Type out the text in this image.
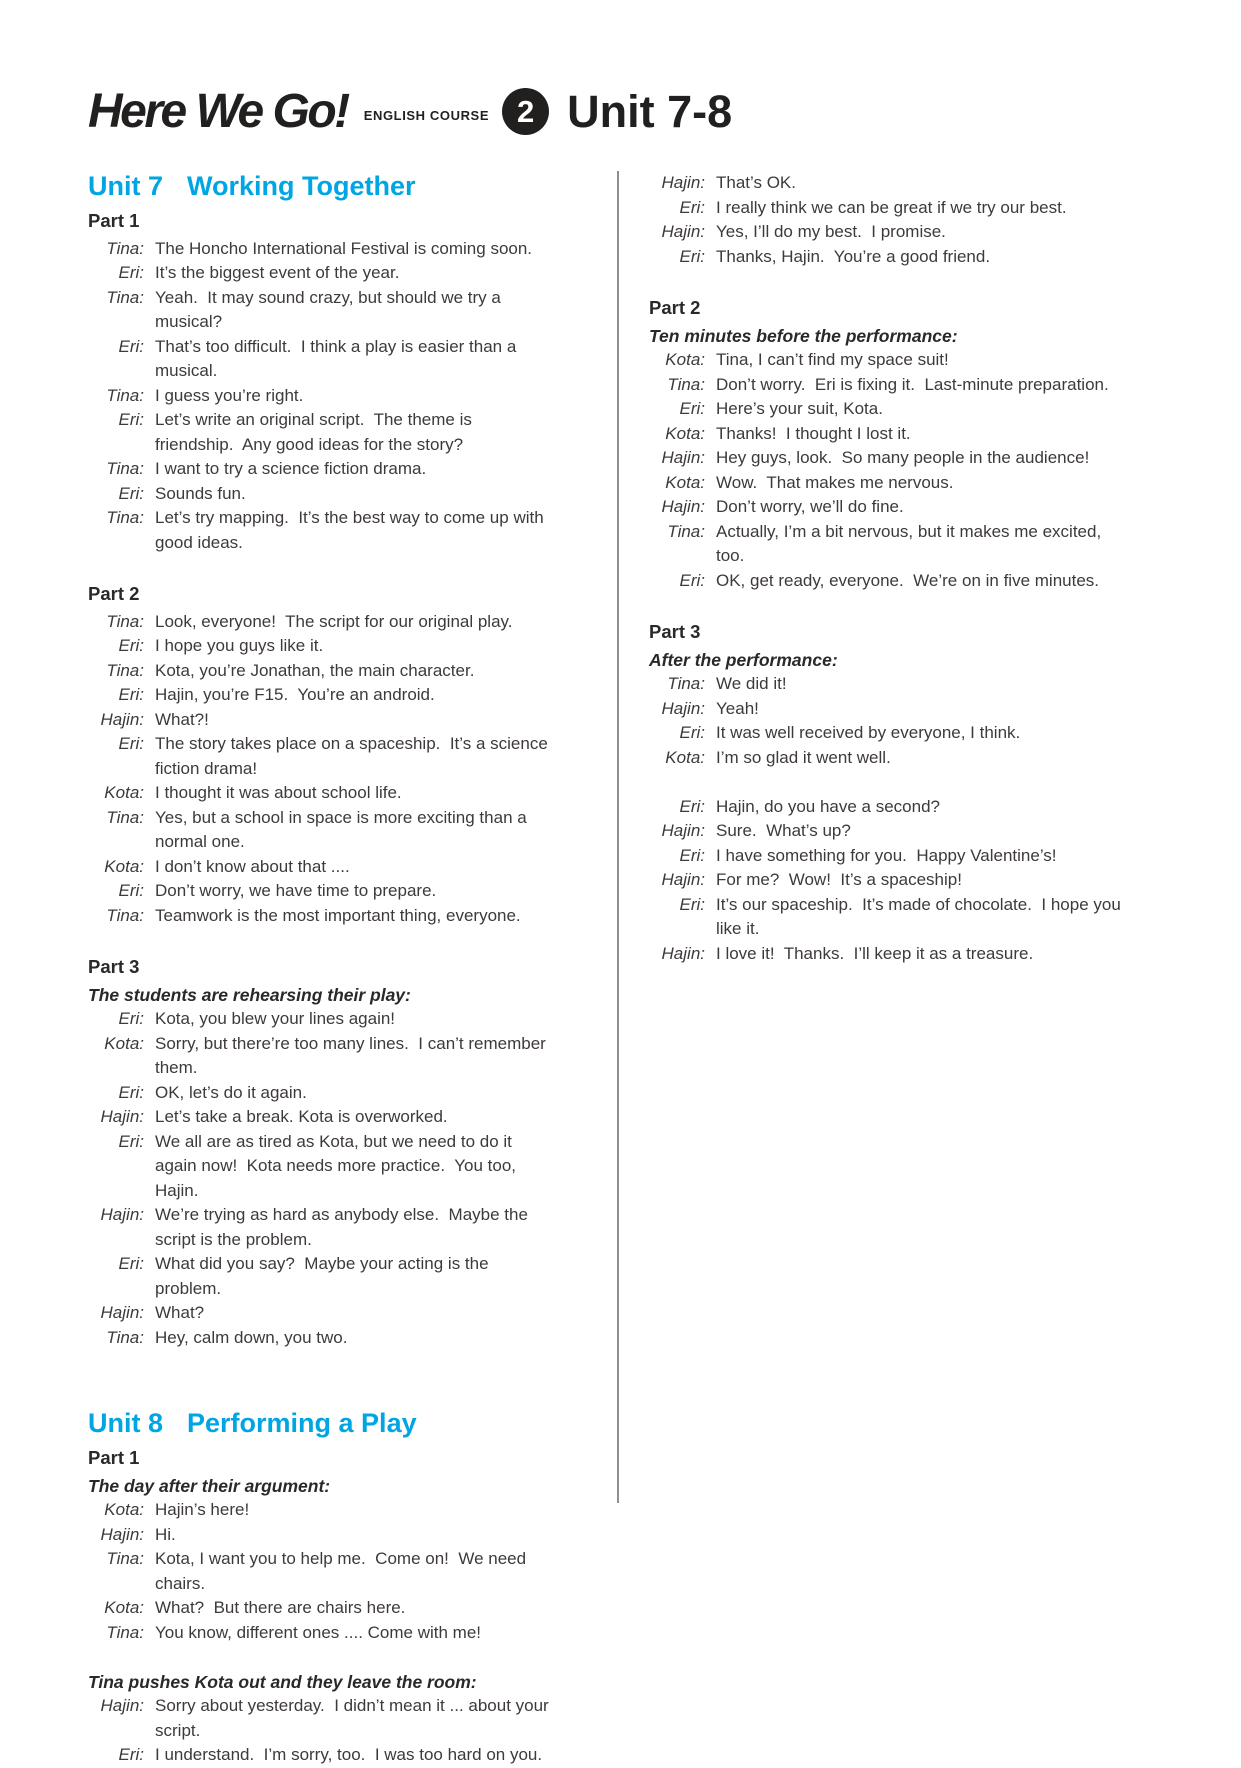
Here We Go! ENGLISH COURSE 2 Unit 7-8
Unit 7 Working Together
Part 1
Tina: The Honcho International Festival is coming soon.
Eri: It’s the biggest event of the year.
Tina: Yeah.  It may sound crazy, but should we try a musical?
Eri: That’s too difficult.  I think a play is easier than a musical.
Tina: I guess you’re right.
Eri: Let’s write an original script.  The theme is friendship.  Any good ideas for the story?
Tina: I want to try a science fiction drama.
Eri: Sounds fun.
Tina: Let’s try mapping.  It’s the best way to come up with good ideas.
Part 2
Tina: Look, everyone!  The script for our original play.
Eri: I hope you guys like it.
Tina: Kota, you’re Jonathan, the main character.
Eri: Hajin, you’re F15.  You’re an android.
Hajin: What?!
Eri: The story takes place on a spaceship.  It’s a science fiction drama!
Kota: I thought it was about school life.
Tina: Yes, but a school in space is more exciting than a normal one.
Kota: I don’t know about that ....
Eri: Don’t worry, we have time to prepare.
Tina: Teamwork is the most important thing, everyone.
Part 3
The students are rehearsing their play:
Eri: Kota, you blew your lines again!
Kota: Sorry, but there’re too many lines.  I can’t remember them.
Eri: OK, let’s do it again.
Hajin: Let’s take a break. Kota is overworked.
Eri: We all are as tired as Kota, but we need to do it again now!  Kota needs more practice.  You too, Hajin.
Hajin: We’re trying as hard as anybody else.  Maybe the script is the problem.
Eri: What did you say?  Maybe your acting is the problem.
Hajin: What?
Tina: Hey, calm down, you two.
Unit 8 Performing a Play
Part 1
The day after their argument:
Kota: Hajin’s here!
Hajin: Hi.
Tina: Kota, I want you to help me.  Come on!  We need chairs.
Kota: What?  But there are chairs here.
Tina: You know, different ones .... Come with me!
Tina pushes Kota out and they leave the room:
Hajin: Sorry about yesterday.  I didn’t mean it ... about your script.
Eri: I understand.  I’m sorry, too.  I was too hard on you.
Hajin: That’s OK.
Eri: I really think we can be great if we try our best.
Hajin: Yes, I’ll do my best.  I promise.
Eri: Thanks, Hajin.  You’re a good friend.
Part 2
Ten minutes before the performance:
Kota: Tina, I can’t find my space suit!
Tina: Don’t worry.  Eri is fixing it.  Last-minute preparation.
Eri: Here’s your suit, Kota.
Kota: Thanks!  I thought I lost it.
Hajin: Hey guys, look.  So many people in the audience!
Kota: Wow.  That makes me nervous.
Hajin: Don’t worry, we’ll do fine.
Tina: Actually, I’m a bit nervous, but it makes me excited, too.
Eri: OK, get ready, everyone.  We’re on in five minutes.
Part 3
After the performance:
Tina: We did it!
Hajin: Yeah!
Eri: It was well received by everyone, I think.
Kota: I’m so glad it went well.
Eri: Hajin, do you have a second?
Hajin: Sure.  What’s up?
Eri: I have something for you.  Happy Valentine’s!
Hajin: For me?  Wow!  It’s a spaceship!
Eri: It’s our spaceship.  It’s made of chocolate.  I hope you like it.
Hajin: I love it!  Thanks.  I’ll keep it as a treasure.
